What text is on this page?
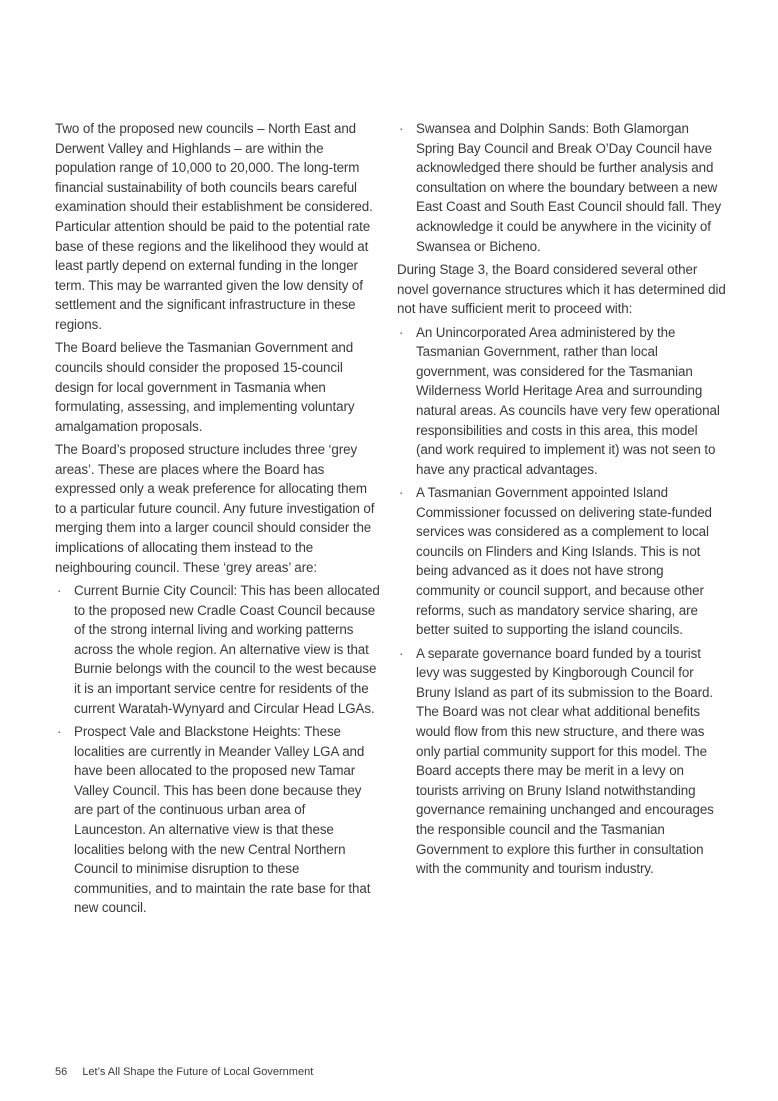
Two of the proposed new councils – North East and Derwent Valley and Highlands – are within the population range of 10,000 to 20,000. The long-term financial sustainability of both councils bears careful examination should their establishment be considered. Particular attention should be paid to the potential rate base of these regions and the likelihood they would at least partly depend on external funding in the longer term. This may be warranted given the low density of settlement and the significant infrastructure in these regions.

The Board believe the Tasmanian Government and councils should consider the proposed 15-council design for local government in Tasmania when formulating, assessing, and implementing voluntary amalgamation proposals.

The Board’s proposed structure includes three ‘grey areas’. These are places where the Board has expressed only a weak preference for allocating them to a particular future council. Any future investigation of merging them into a larger council should consider the implications of allocating them instead to the neighbouring council. These ‘grey areas’ are:

· Current Burnie City Council: This has been allocated to the proposed new Cradle Coast Council because of the strong internal living and working patterns across the whole region. An alternative view is that Burnie belongs with the council to the west because it is an important service centre for residents of the current Waratah-Wynyard and Circular Head LGAs.
· Prospect Vale and Blackstone Heights: These localities are currently in Meander Valley LGA and have been allocated to the proposed new Tamar Valley Council. This has been done because they are part of the continuous urban area of Launceston. An alternative view is that these localities belong with the new Central Northern Council to minimise disruption to these communities, and to maintain the rate base for that new council.
· Swansea and Dolphin Sands: Both Glamorgan Spring Bay Council and Break O’Day Council have acknowledged there should be further analysis and consultation on where the boundary between a new East Coast and South East Council should fall. They acknowledge it could be anywhere in the vicinity of Swansea or Bicheno.

During Stage 3, the Board considered several other novel governance structures which it has determined did not have sufficient merit to proceed with:

· An Unincorporated Area administered by the Tasmanian Government, rather than local government, was considered for the Tasmanian Wilderness World Heritage Area and surrounding natural areas. As councils have very few operational responsibilities and costs in this area, this model (and work required to implement it) was not seen to have any practical advantages.
· A Tasmanian Government appointed Island Commissioner focussed on delivering state-funded services was considered as a complement to local councils on Flinders and King Islands. This is not being advanced as it does not have strong community or council support, and because other reforms, such as mandatory service sharing, are better suited to supporting the island councils.
· A separate governance board funded by a tourist levy was suggested by Kingborough Council for Bruny Island as part of its submission to the Board. The Board was not clear what additional benefits would flow from this new structure, and there was only partial community support for this model. The Board accepts there may be merit in a levy on tourists arriving on Bruny Island notwithstanding governance remaining unchanged and encourages the responsible council and the Tasmanian Government to explore this further in consultation with the community and tourism industry.
56 Let’s All Shape the Future of Local Government
